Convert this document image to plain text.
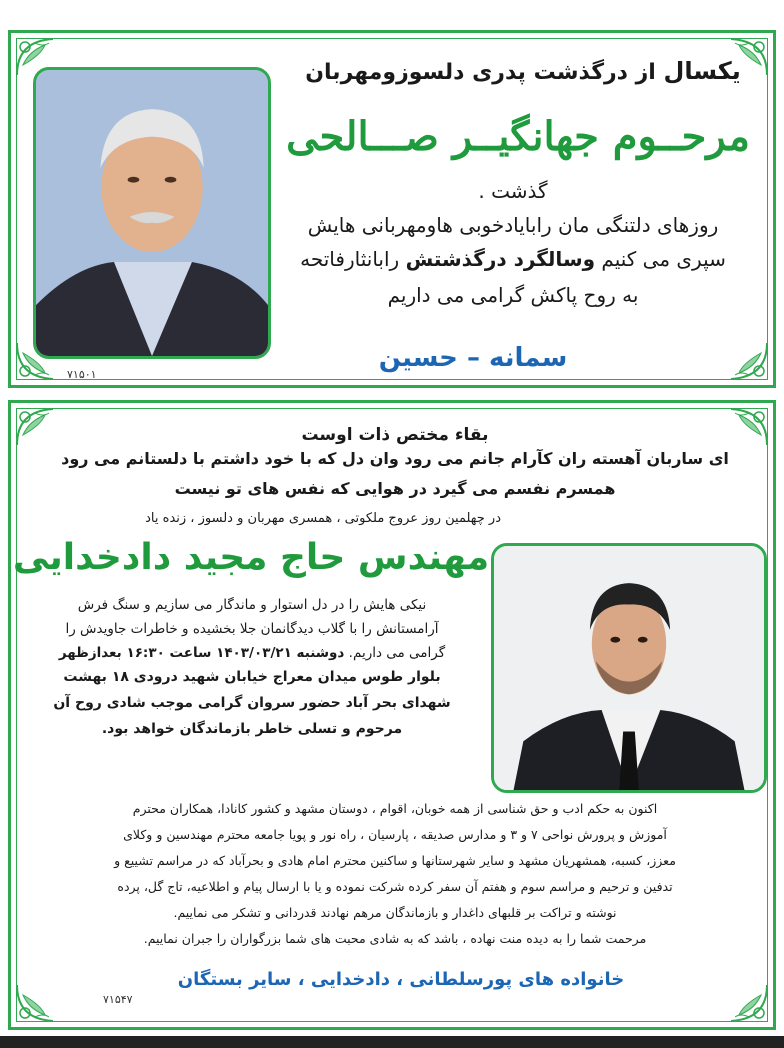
یکسال از درگذشت پدری دلسوزومهربان
مرحــوم جهانگیــر صـــالحی
گذشت .
روزهای دلتنگی مان رابایادخوبی هاومهربانی هایش
سپری می کنیم وسالگرد درگذشتش رابانثارفاتحه
به روح پاکش گرامی می داریم
سمانه – حسین
۷۱۵۰۱
بقاء مختص ذات اوست
ای ساربان آهسته ران کآرام جانم می رود وان دل که با خود داشتم با دلستانم می رود
همسرم نفسم می گیرد در هوایی که نفس های تو نیست
در چهلمین روز عروج ملکوتی ، همسری مهربان و دلسوز ، زنده یاد
مهندس حاج مجید دادخدایی
نیکی هایش را در دل استوار و ماندگار می سازیم و سنگ فرش
آرامستانش را با گلاب دیدگانمان جلا بخشیده و خاطرات جاویدش را
گرامی می داریم. دوشنبه ۱۴۰۳/۰۳/۲۱ ساعت ۱۶:۳۰ بعدازظهر
بلوار طوس میدان معراج خیابان شهید درودی ۱۸ بهشت
شهدای بحر آباد حضور سروان گرامی موجب شادی روح آن
مرحوم و تسلی خاطر بازماندگان خواهد بود.
اکنون به حکم ادب و حق شناسی از همه خوبان، اقوام ، دوستان مشهد و کشور کانادا، همکاران محترم
آموزش و پرورش نواحی ۷ و ۳ و مدارس صدیقه ، پارسیان ، راه نور و پویا جامعه محترم مهندسین و وکلای
معزز، کسبه، همشهریان مشهد و سایر شهرستانها و ساکنین محترم امام هادی و بحرآباد که در مراسم تشییع و
تدفین و ترحیم و مراسم سوم و هفتم آن سفر کرده شرکت نموده و یا با ارسال پیام و اطلاعیه، تاج گل، پرده
نوشته و تراکت بر قلبهای داغدار و بازماندگان مرهم نهادند قدردانی و تشکر می نماییم.
مرحمت شما را به دیده منت نهاده ، باشد که به شادی محبت های شما بزرگواران را جبران نماییم.
خانواده های پورسلطانی ، دادخدایی ، سایر بستگان
۷۱۵۴۷
